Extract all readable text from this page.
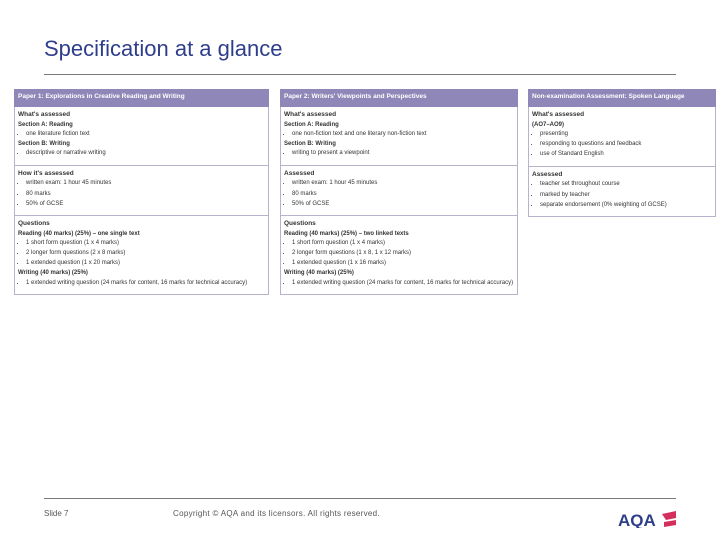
Specification at a glance
Paper 1: Explorations in Creative Reading and Writing
What's assessed
Section A: Reading
• one literature fiction text
Section B: Writing
• descriptive or narrative writing
How it's assessed
• written exam: 1 hour 45 minutes
• 80 marks
• 50% of GCSE
Questions
Reading (40 marks) (25%) – one single text
• 1 short form question (1 x 4 marks)
• 2 longer form questions (2 x 8 marks)
• 1 extended question (1 x 20 marks)
Writing (40 marks) (25%)
• 1 extended writing question (24 marks for content, 16 marks for technical accuracy)
Paper 2: Writers' Viewpoints and Perspectives
What's assessed
Section A: Reading
• one non-fiction text and one literary non-fiction text
Section B: Writing
• writing to present a viewpoint
Assessed
• written exam: 1 hour 45 minutes
• 80 marks
• 50% of GCSE
Questions
Reading (40 marks) (25%) – two linked texts
• 1 short form question (1 x 4 marks)
• 2 longer form questions (1 x 8, 1 x 12 marks)
• 1 extended question (1 x 16 marks)
Writing (40 marks) (25%)
• 1 extended writing question (24 marks for content, 16 marks for technical accuracy)
Non-examination Assessment: Spoken Language
What's assessed
(AO7–AO9)
• presenting
• responding to questions and feedback
• use of Standard English
Assessed
• teacher set throughout course
• marked by teacher
• separate endorsement (0% weighting of GCSE)
Slide 7	Copyright © AQA and its licensors. All rights reserved.	AQA
